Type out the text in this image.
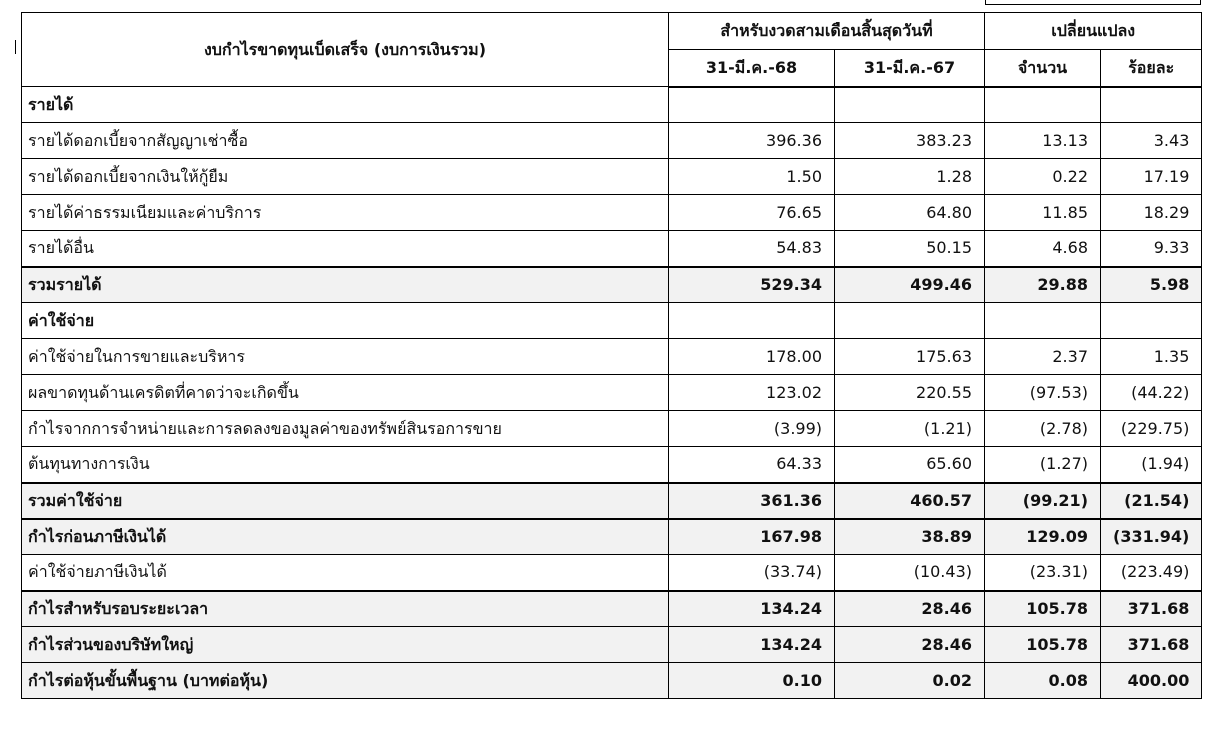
งบกำไรขาดทุนเบ็ดเสร็จ (งบการเงินรวม)	สำหรับงวดสามเดือนสิ้นสุดวันที่		เปลี่ยนแปลง	
	31-มี.ค.-68	31-มี.ค.-67	จำนวน	ร้อยละ
รายได้				
รายได้ดอกเบี้ยจากสัญญาเช่าซื้อ	396.36	383.23	13.13	3.43
รายได้ดอกเบี้ยจากเงินให้กู้ยืม	1.50	1.28	0.22	17.19
รายได้ค่าธรรมเนียมและค่าบริการ	76.65	64.80	11.85	18.29
รายได้อื่น	54.83	50.15	4.68	9.33
รวมรายได้	529.34	499.46	29.88	5.98
ค่าใช้จ่าย				
ค่าใช้จ่ายในการขายและบริหาร	178.00	175.63	2.37	1.35
ผลขาดทุนด้านเครดิตที่คาดว่าจะเกิดขึ้น	123.02	220.55	(97.53)	(44.22)
กำไรจากการจำหน่ายและการลดลงของมูลค่าของทรัพย์สินรอการขาย	(3.99)	(1.21)	(2.78)	(229.75)
ต้นทุนทางการเงิน	64.33	65.60	(1.27)	(1.94)
รวมค่าใช้จ่าย	361.36	460.57	(99.21)	(21.54)
กำไรก่อนภาษีเงินได้	167.98	38.89	129.09	(331.94)
ค่าใช้จ่ายภาษีเงินได้	(33.74)	(10.43)	(23.31)	(223.49)
กำไรสำหรับรอบระยะเวลา	134.24	28.46	105.78	371.68
กำไรส่วนของบริษัทใหญ่	134.24	28.46	105.78	371.68
กำไรต่อหุ้นขั้นพื้นฐาน (บาทต่อหุ้น)	0.10	0.02	0.08	400.00
